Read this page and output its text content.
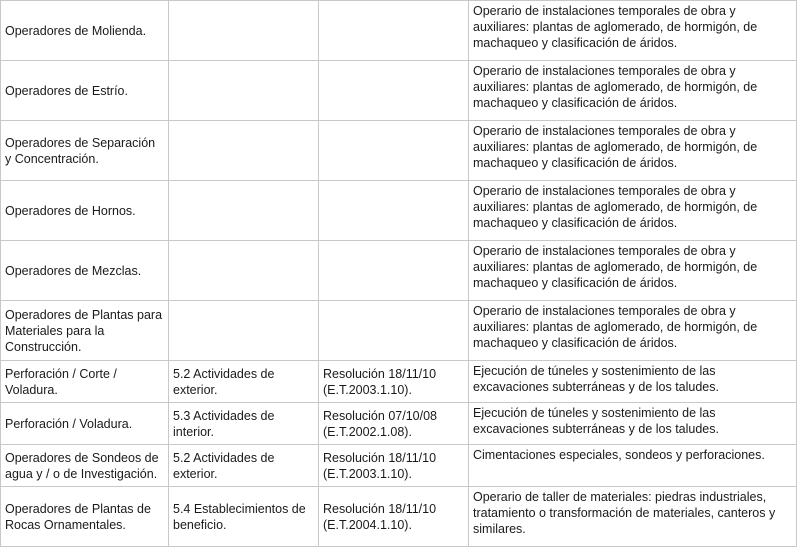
Operadores de Molienda.			Operario de instalaciones temporales de obra y auxiliares: plantas de aglomerado, de hormigón, de machaqueo y clasificación de áridos.
Operadores de Estrío.			Operario de instalaciones temporales de obra y auxiliares: plantas de aglomerado, de hormigón, de machaqueo y clasificación de áridos.
Operadores de Separación y Concentración.			Operario de instalaciones temporales de obra y auxiliares: plantas de aglomerado, de hormigón, de machaqueo y clasificación de áridos.
Operadores de Hornos.			Operario de instalaciones temporales de obra y auxiliares: plantas de aglomerado, de hormigón, de machaqueo y clasificación de áridos.
Operadores de Mezclas.			Operario de instalaciones temporales de obra y auxiliares: plantas de aglomerado, de hormigón, de machaqueo y clasificación de áridos.
Operadores de Plantas para Materiales para la Construcción.			Operario de instalaciones temporales de obra y auxiliares: plantas de aglomerado, de hormigón, de machaqueo y clasificación de áridos.
Perforación / Corte / Voladura.	5.2 Actividades de exterior.	Resolución 18/11/10 (E.T.2003.1.10).	Ejecución de túneles y sostenimiento de las excavaciones subterráneas y de los taludes.
Perforación / Voladura.	5.3 Actividades de interior.	Resolución 07/10/08 (E.T.2002.1.08).	Ejecución de túneles y sostenimiento de las excavaciones subterráneas y de los taludes.
Operadores de Sondeos de agua y / o de Investigación.	5.2 Actividades de exterior.	Resolución 18/11/10 (E.T.2003.1.10).	Cimentaciones especiales, sondeos y perforaciones.
Operadores de Plantas de Rocas Ornamentales.	5.4 Establecimientos de beneficio.	Resolución 18/11/10 (E.T.2004.1.10).	Operario de taller de materiales: piedras industriales, tratamiento o transformación de materiales, canteros y similares.
